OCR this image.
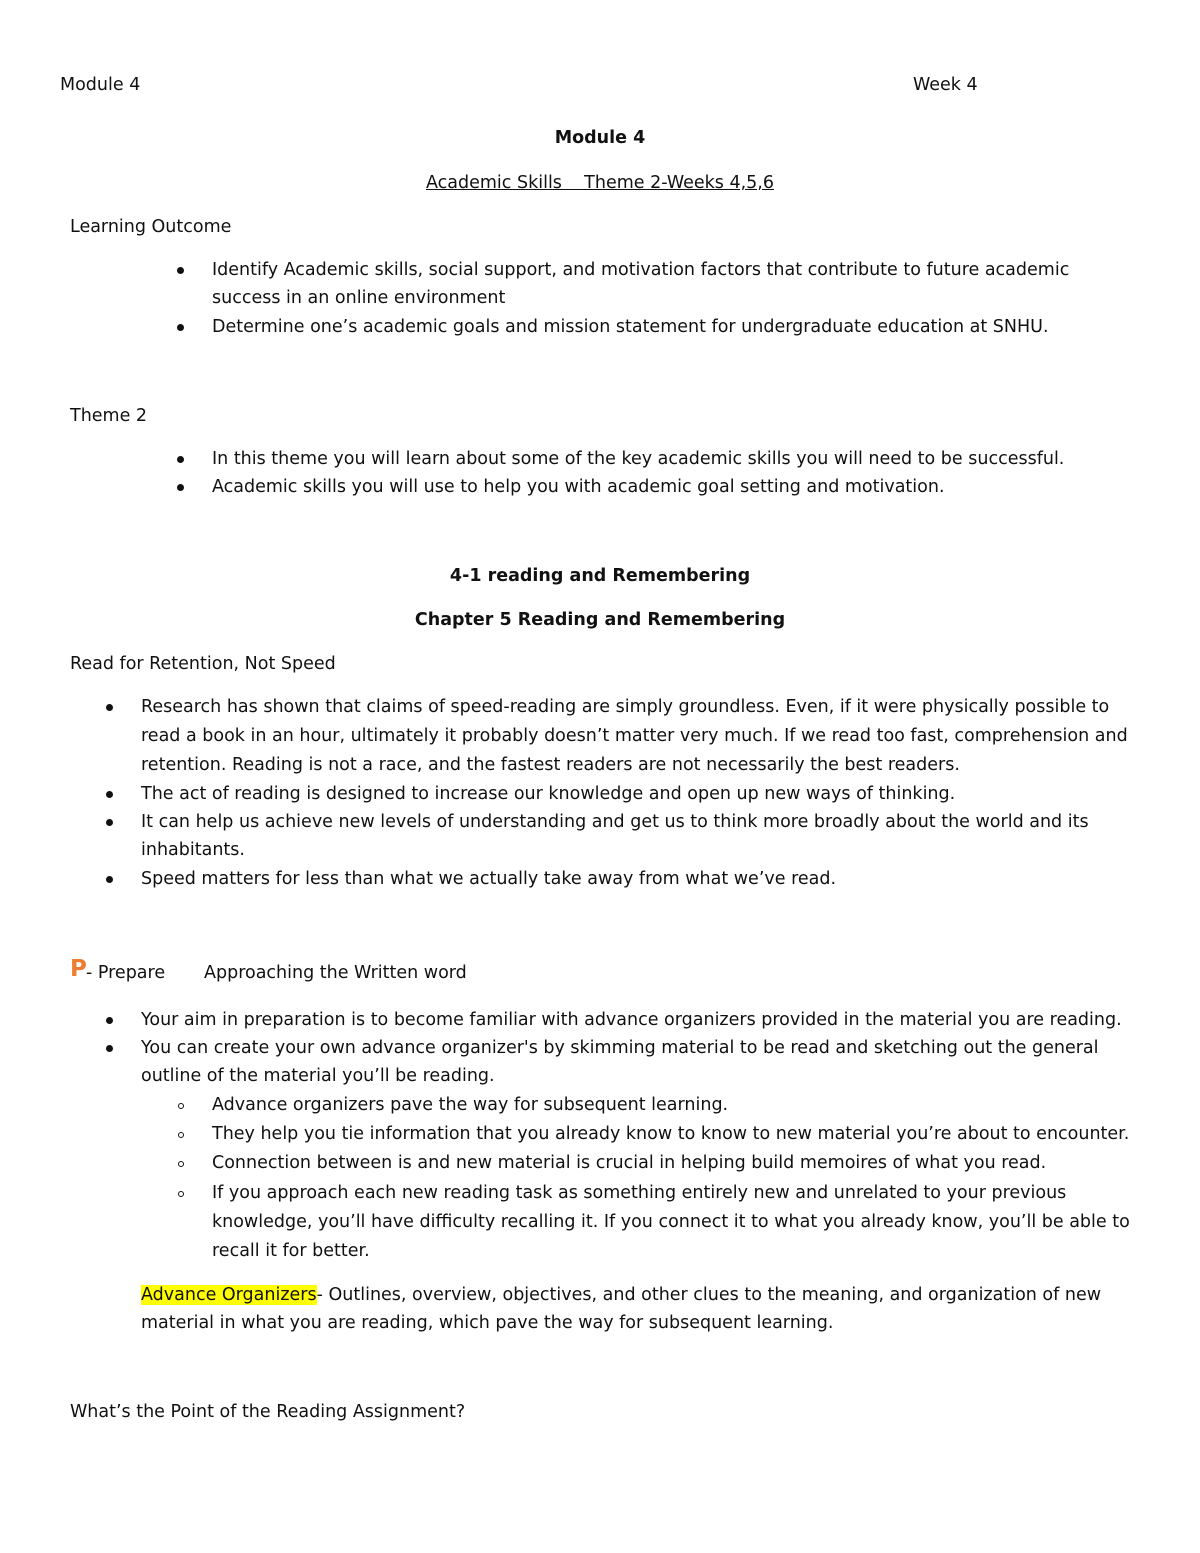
Module 4	Week 4
Module 4
Academic Skills    Theme 2-Weeks 4,5,6
Learning Outcome
Identify Academic skills, social support, and motivation factors that contribute to future academic
success in an online environment
Determine one’s academic goals and mission statement for undergraduate education at SNHU.
Theme 2
In this theme you will learn about some of the key academic skills you will need to be successful.
Academic skills you will use to help you with academic goal setting and motivation.
4-1 reading and Remembering
Chapter 5 Reading and Remembering
Read for Retention, Not Speed
Research has shown that claims of speed-reading are simply groundless. Even, if it were physically possible to
read a book in an hour, ultimately it probably doesn’t matter very much. If we read too fast, comprehension and
retention. Reading is not a race, and the fastest readers are not necessarily the best readers.
The act of reading is designed to increase our knowledge and open up new ways of thinking.
It can help us achieve new levels of understanding and get us to think more broadly about the world and its
inhabitants.
Speed matters for less than what we actually take away from what we’ve read.
P - Prepare Approaching the Written word
Your aim in preparation is to become familiar with advance organizers provided in the material you are reading.
You can create your own advance organizer's by skimming material to be read and sketching out the general
outline of the material you’ll be reading.
Advance organizers pave the way for subsequent learning.
They help you tie information that you already know to know to new material you’re about to encounter.
Connection between is and new material is crucial in helping build memoires of what you read.
If you approach each new reading task as something entirely new and unrelated to your previous
knowledge, you’ll have difficulty recalling it. If you connect it to what you already know, you’ll be able to
recall it for better.
Advance Organizers- Outlines, overview, objectives, and other clues to the meaning, and organization of new
material in what you are reading, which pave the way for subsequent learning.
What’s the Point of the Reading Assignment?
